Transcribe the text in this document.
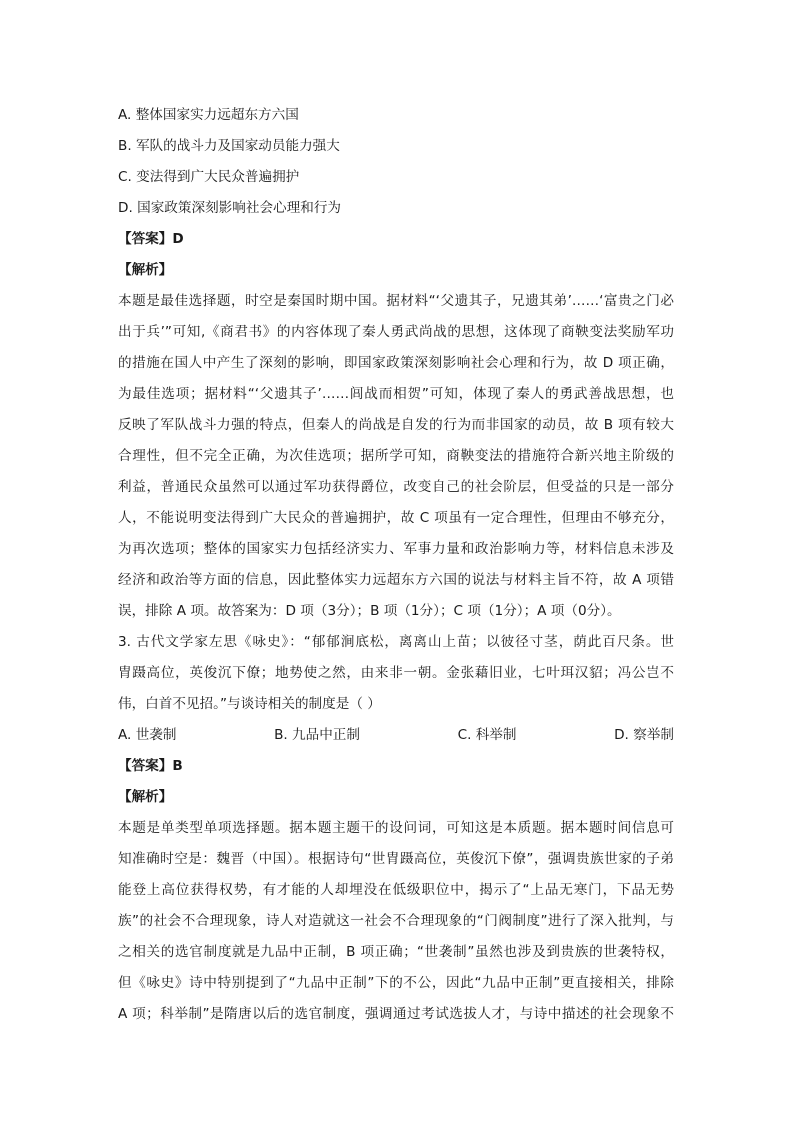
A. 整体国家实力远超东方六国
B. 军队的战斗力及国家动员能力强大
C. 变法得到广大民众普遍拥护
D. 国家政策深刻影响社会心理和行为
【答案】D
【解析】
本题是最佳选择题，时空是秦国时期中国。据材料“‘父遗其子，兄遗其弟’……‘富贵之门必
出于兵’”可知,《商君书》的内容体现了秦人勇武尚战的思想，这体现了商鞅变法奖励军功
的措施在国人中产生了深刻的影响，即国家政策深刻影响社会心理和行为，故 D 项正确，
为最佳选项；据材料“‘父遗其子’……闾战而相贺”可知，体现了秦人的勇武善战思想，也
反映了军队战斗力强的特点，但秦人的尚战是自发的行为而非国家的动员，故 B 项有较大
合理性，但不完全正确，为次佳选项；据所学可知，商鞅变法的措施符合新兴地主阶级的
利益，普通民众虽然可以通过军功获得爵位，改变自己的社会阶层，但受益的只是一部分
人，不能说明变法得到广大民众的普遍拥护，故 C 项虽有一定合理性，但理由不够充分，
为再次选项；整体的国家实力包括经济实力、军事力量和政治影响力等，材料信息未涉及
经济和政治等方面的信息，因此整体实力远超东方六国的说法与材料主旨不符，故 A 项错
误，排除 A 项。故答案为：D 项（3分）；B 项（1分）；C 项（1分）；A 项（0分）。
3. 古代文学家左思《咏史》：“郁郁涧底松，离离山上苗；以彼径寸茎，荫此百尺条。世
胄蹑高位，英俊沉下僚；地势使之然，由来非一朝。金张藉旧业，七叶珥汉貂；冯公岂不
伟，白首不见招。”与谈诗相关的制度是（ ）
A. 世袭制	B. 九品中正制	C. 科举制	D. 察举制
【答案】B
【解析】
本题是单类型单项选择题。据本题主题干的设问词，可知这是本质题。据本题时间信息可
知准确时空是：魏晋（中国）。根据诗句“世胄蹑高位，英俊沉下僚”，强调贵族世家的子弟
能登上高位获得权势，有才能的人却埋没在低级职位中，揭示了“上品无寒门，下品无势
族”的社会不合理现象，诗人对造就这一社会不合理现象的“门阀制度”进行了深入批判，与
之相关的选官制度就是九品中正制，B 项正确；“世袭制”虽然也涉及到贵族的世袭特权，
但《咏史》诗中特别提到了“九品中正制”下的不公，因此“九品中正制”更直接相关，排除
A 项；科举制”是隋唐以后的选官制度，强调通过考试选拔人才，与诗中描述的社会现象不
